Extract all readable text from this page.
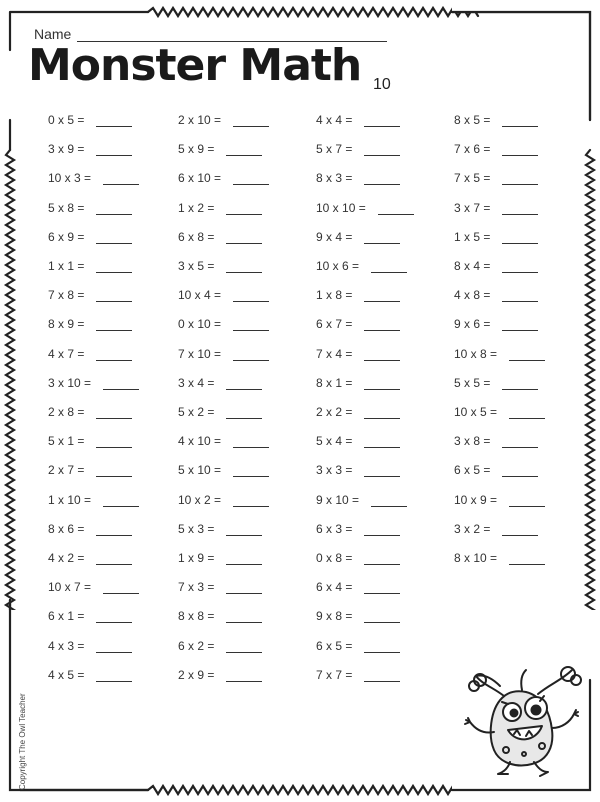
Name
Monster Math 10
0 x 5 =	2 x 10 =	4 x 4 =	8 x 5 =
3 x 9 =	5 x 9 =	5 x 7 =	7 x 6 =
10 x 3 =	6 x 10 =	8 x 3 =	7 x 5 =
5 x 8 =	1 x 2 =	10 x 10 =	3 x 7 =
6 x 9 =	6 x 8 =	9 x 4 =	1 x 5 =
1 x 1 =	3 x 5 =	10 x 6 =	8 x 4 =
7 x 8 =	10 x 4 =	1 x 8 =	4 x 8 =
8 x 9 =	0 x 10 =	6 x 7 =	9 x 6 =
4 x 7 =	7 x 10 =	7 x 4 =	10 x 8 =
3 x 10 =	3 x 4 =	8 x 1 =	5 x 5 =
2 x 8 =	5 x 2 =	2 x 2 =	10 x 5 =
5 x 1 =	4 x 10 =	5 x 4 =	3 x 8 =
2 x 7 =	5 x 10 =	3 x 3 =	6 x 5 =
1 x 10 =	10 x 2 =	9 x 10 =	10 x 9 =
8 x 6 =	5 x 3 =	6 x 3 =	3 x 2 =
4 x 2 =	1 x 9 =	0 x 8 =	8 x 10 =
10 x 7 =	7 x 3 =	6 x 4 =
6 x 1 =	8 x 8 =	9 x 8 =
4 x 3 =	6 x 2 =	6 x 5 =
4 x 5 =	2 x 9 =	7 x 7 =
Copyright The Owl Teacher
